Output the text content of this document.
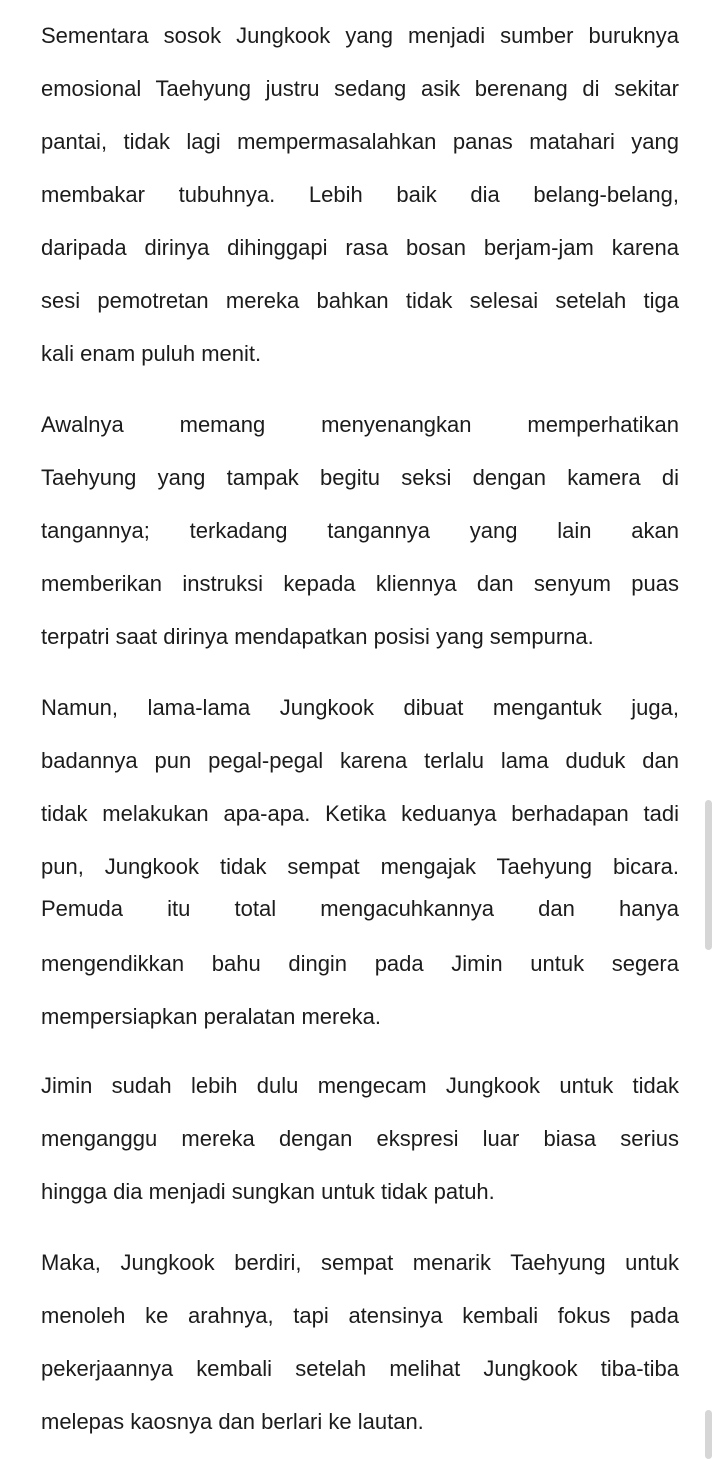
Sementara sosok Jungkook yang menjadi sumber buruknya
emosional Taehyung justru sedang asik berenang di sekitar
pantai, tidak lagi mempermasalahkan panas matahari yang
membakar tubuhnya. Lebih baik dia belang-belang,
daripada dirinya dihinggapi rasa bosan berjam-jam karena
sesi pemotretan mereka bahkan tidak selesai setelah tiga
kali enam puluh menit.
Awalnya memang menyenangkan memperhatikan
Taehyung yang tampak begitu seksi dengan kamera di
tangannya; terkadang tangannya yang lain akan
memberikan instruksi kepada kliennya dan senyum puas
terpatri saat dirinya mendapatkan posisi yang sempurna.
Namun, lama-lama Jungkook dibuat mengantuk juga,
badannya pun pegal-pegal karena terlalu lama duduk dan
tidak melakukan apa-apa. Ketika keduanya berhadapan tadi
pun, Jungkook tidak sempat mengajak Taehyung bicara.
Pemuda itu total mengacuhkannya dan hanya
mengendikkan bahu dingin pada Jimin untuk segera
mempersiapkan peralatan mereka.
Jimin sudah lebih dulu mengecam Jungkook untuk tidak
menganggu mereka dengan ekspresi luar biasa serius
hingga dia menjadi sungkan untuk tidak patuh.
Maka, Jungkook berdiri, sempat menarik Taehyung untuk
menoleh ke arahnya, tapi atensinya kembali fokus pada
pekerjaannya kembali setelah melihat Jungkook tiba-tiba
melepas kaosnya dan berlari ke lautan.
